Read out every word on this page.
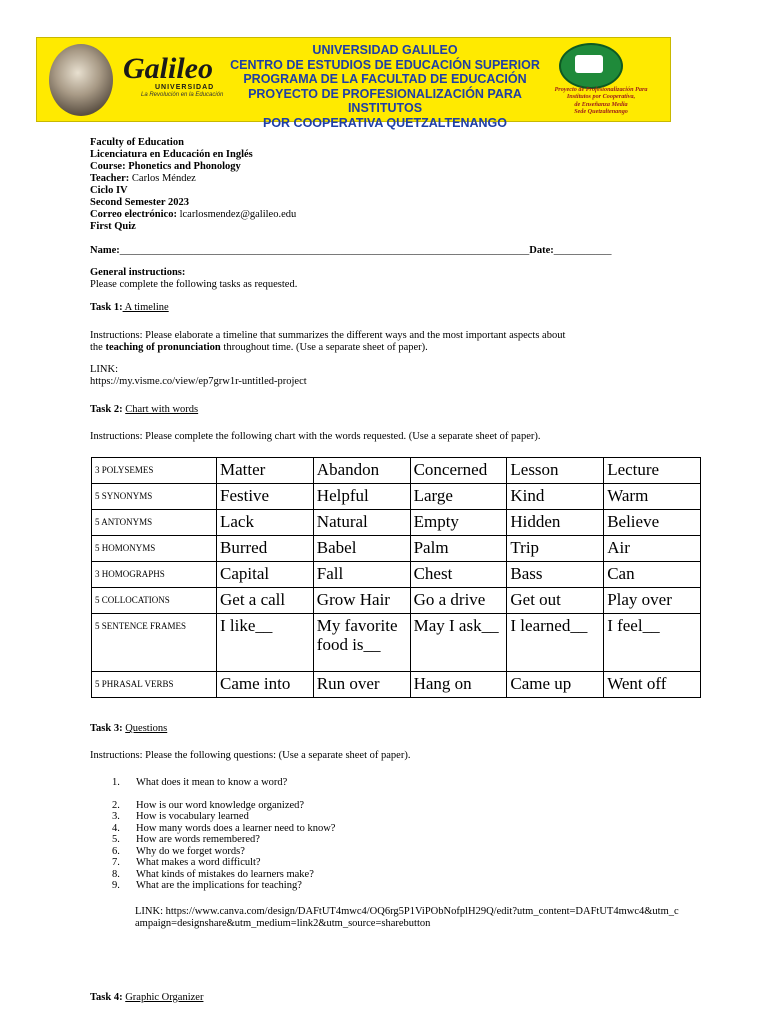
Galileo
UNIVERSIDAD
La Revolución en la Educación
UNIVERSIDAD GALILEO
CENTRO DE ESTUDIOS DE EDUCACIÓN SUPERIOR
PROGRAMA DE LA FACULTAD DE EDUCACIÓN
PROYECTO DE PROFESIONALIZACIÓN PARA INSTITUTOS
POR COOPERATIVA QUETZALTENANGO
Proyecto de Profesionalización Para
Institutos por Cooperativa,
de Enseñanza Media
Sede Quetzaltenango
Faculty of Education
Licenciatura en Educación en Inglés
Course: Phonetics and Phonology
Teacher: Carlos Méndez
Ciclo IV
Second Semester 2023
Correo electrónico: lcarlosmendez@galileo.edu
First Quiz
Name:______________________________________________________________________________Date:___________
General instructions:
Please complete the following tasks as requested.
Task 1: A timeline
Instructions: Please elaborate a timeline that summarizes the different ways and the most important aspects about
the teaching of pronunciation throughout time. (Use a separate sheet of paper).
LINK:
https://my.visme.co/view/ep7grw1r-untitled-project
Task 2: Chart with words
Instructions: Please complete the following chart with the words requested. (Use a separate sheet of paper).
3 POLYSEMES	Matter	Abandon	Concerned	Lesson	Lecture
5 SYNONYMS	Festive	Helpful	Large	Kind	Warm
5 ANTONYMS	Lack	Natural	Empty	Hidden	Believe
5 HOMONYMS	Burred	Babel	Palm	Trip	Air
3 HOMOGRAPHS	Capital	Fall	Chest	Bass	Can
5 COLLOCATIONS	Get a call	Grow Hair	Go a drive	Get out	Play over
5 SENTENCE FRAMES	I like__	My favorite food is__	May I ask__	I learned__	I feel__
5 PHRASAL VERBS	Came into	Run over	Hang on	Came up	Went off
Task 3: Questions
Instructions: Please the following questions: (Use a separate sheet of paper).
1. What does it mean to know a word?
2. How is our word knowledge organized?
3. How is vocabulary learned
4. How many words does a learner need to know?
5. How are words remembered?
6. Why do we forget words?
7. What makes a word difficult?
8. What kinds of mistakes do learners make?
9. What are the implications for teaching?
LINK: https://www.canva.com/design/DAFtUT4mwc4/OQ6rg5P1ViPObNofplH29Q/edit?utm_content=DAFtUT4mwc4&utm_campaign=designshare&utm_medium=link2&utm_source=sharebutton
Task 4: Graphic Organizer
